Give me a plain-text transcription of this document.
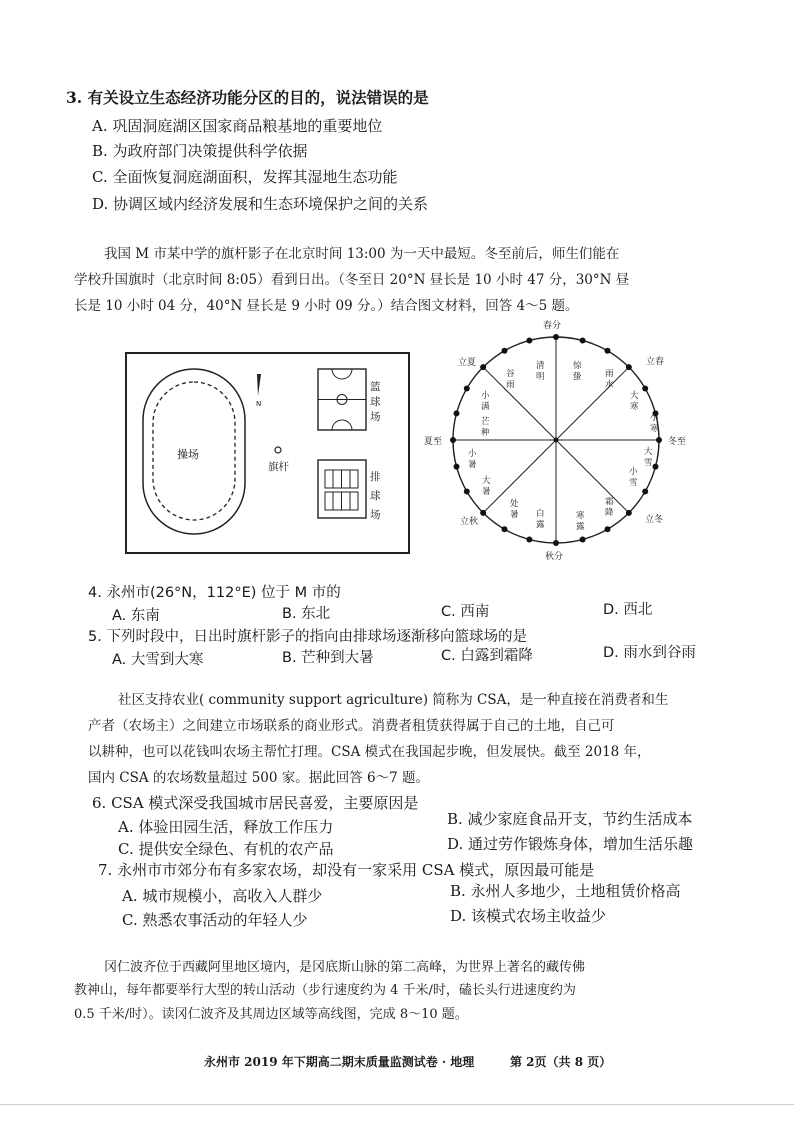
3. 有关设立生态经济功能分区的目的，说法错误的是
A. 巩固洞庭湖区国家商品粮基地的重要地位
B. 为政府部门决策提供科学依据
C. 全面恢复洞庭湖面积，发挥其湿地生态功能
D. 协调区域内经济发展和生态环境保护之间的关系
我国 M 市某中学的旗杆影子在北京时间 13:00 为一天中最短。冬至前后，师生们能在
学校升国旗时（北京时间 8:05）看到日出。（冬至日 20°N 昼长是 10 小时 47 分，30°N 昼
长是 10 小时 04 分，40°N 昼长是 9 小时 09 分。）结合图文材料，回答 4～5 题。
操场
N
旗杆
篮
球
场
排
球
场
春分
立春
冬至
立冬
秋分
立秋
夏至
立夏	清明
惊蛰
谷雨
雨水
小满
大寒
芒种
小寒
小暑
大雪
大暑
小雪
处暑
霜降
白露
寒露
4. 永州市(26°N，112°E) 位于 M 市的
A. 东南	B. 东北	C. 西南	D. 西北
5. 下列时段中，日出时旗杆影子的指向由排球场逐渐移向篮球场的是
A. 大雪到大寒	B. 芒种到大暑	C. 白露到霜降	D. 雨水到谷雨
社区支持农业( community support agriculture) 简称为 CSA，是一种直接在消费者和生
产者（农场主）之间建立市场联系的商业形式。消费者租赁获得属于自己的土地，自己可
以耕种，也可以花钱叫农场主帮忙打理。CSA 模式在我国起步晚，但发展快。截至 2018 年，
国内 CSA 的农场数量超过 500 家。据此回答 6～7 题。
6. CSA 模式深受我国城市居民喜爱，主要原因是
A. 体验田园生活，释放工作压力	B. 减少家庭食品开支，节约生活成本
C. 提供安全绿色、有机的农产品	D. 通过劳作锻炼身体，增加生活乐趣
7. 永州市市郊分布有多家农场，却没有一家采用 CSA 模式，原因最可能是
A. 城市规模小，高收入人群少	B. 永州人多地少，土地租赁价格高
C. 熟悉农事活动的年轻人少	D. 该模式农场主收益少
冈仁波齐位于西藏阿里地区境内，是冈底斯山脉的第二高峰，为世界上著名的藏传佛
教神山，每年都要举行大型的转山活动（步行速度约为 4 千米/时，磕长头行进速度约为
0.5 千米/时）。读冈仁波齐及其周边区域等高线图，完成 8～10 题。
永州市 2019 年下期高二期末质量监测试卷 · 地理	第 2页（共 8 页）
